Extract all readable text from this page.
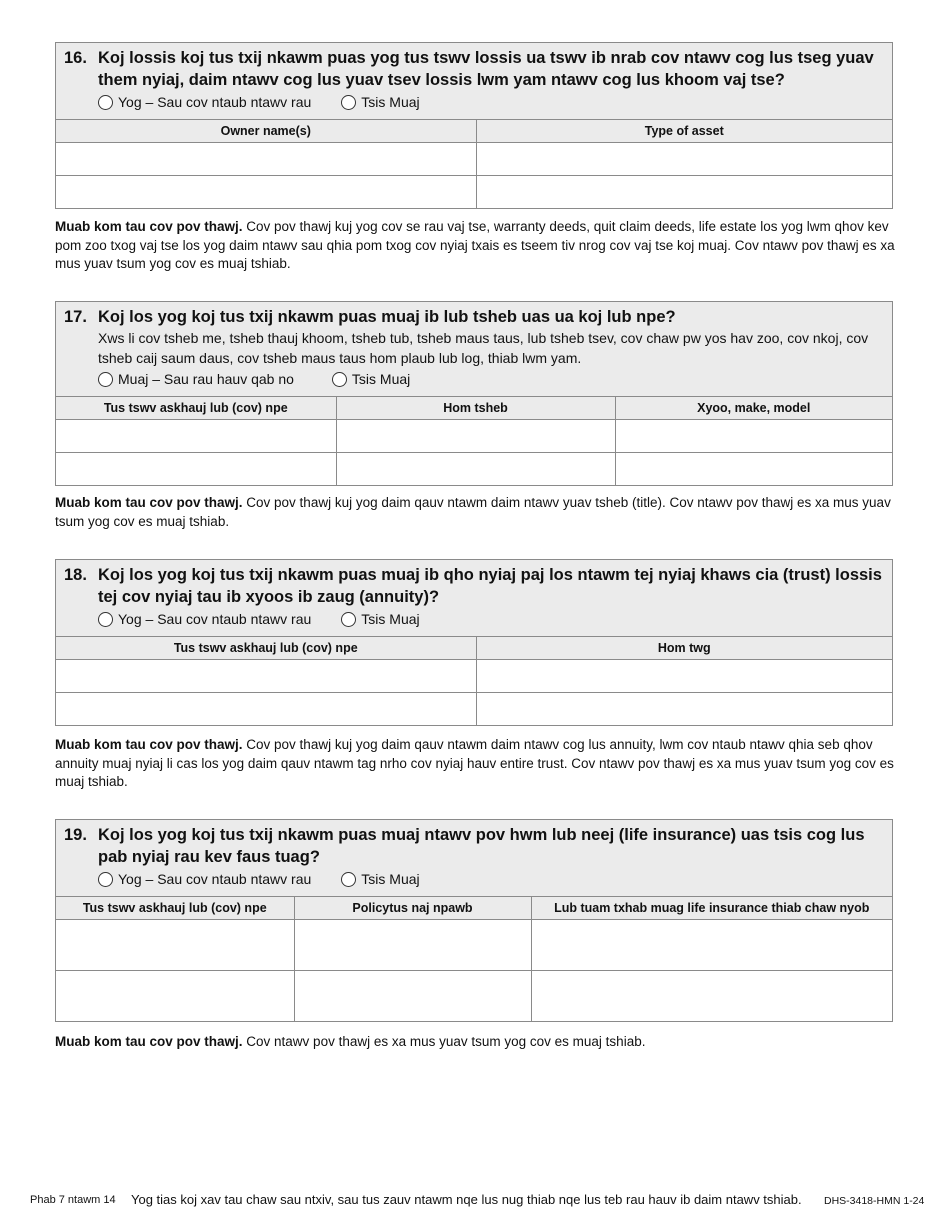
16. Koj lossis koj tus txij nkawm puas yog tus tswv lossis ua tswv ib nrab cov ntawv cog lus tseg yuav them nyiaj, daim ntawv cog lus yuav tsev lossis lwm yam ntawv cog lus khoom vaj tse?
Yog – Sau cov ntaub ntawv rau	Tsis Muaj
Owner name(s)	Type of asset

Muab kom tau cov pov thawj. Cov pov thawj kuj yog cov se rau vaj tse, warranty deeds, quit claim deeds, life estate los yog lwm qhov kev pom zoo txog vaj tse los yog daim ntawv sau qhia pom txog cov nyiaj txais es tseem tiv nrog cov vaj tse koj muaj. Cov ntawv pov thawj es xa mus yuav tsum yog cov es muaj tshiab.
17. Koj los yog koj tus txij nkawm puas muaj ib lub tsheb uas ua koj lub npe?
Xws li cov tsheb me, tsheb thauj khoom, tsheb tub, tsheb maus taus, lub tsheb tsev, cov chaw pw yos hav zoo, cov nkoj, cov tsheb caij saum daus, cov tsheb maus taus hom plaub lub log, thiab lwm yam.
Muaj – Sau rau hauv qab no	Tsis Muaj
Tus tswv askhauj lub (cov) npe	Hom tsheb	Xyoo, make, model

Muab kom tau cov pov thawj. Cov pov thawj kuj yog daim qauv ntawm daim ntawv yuav tsheb (title). Cov ntawv pov thawj es xa mus yuav tsum yog cov es muaj tshiab.
18. Koj los yog koj tus txij nkawm puas muaj ib qho nyiaj paj los ntawm tej nyiaj khaws cia (trust) lossis tej cov nyiaj tau ib xyoos ib zaug (annuity)?
Yog – Sau cov ntaub ntawv rau	Tsis Muaj
Tus tswv askhauj lub (cov) npe	Hom twg

Muab kom tau cov pov thawj. Cov pov thawj kuj yog daim qauv ntawm daim ntawv cog lus annuity, lwm cov ntaub ntawv qhia seb qhov annuity muaj nyiaj li cas los yog daim qauv ntawm tag nrho cov nyiaj hauv entire trust. Cov ntawv pov thawj es xa mus yuav tsum yog cov es muaj tshiab.
19. Koj los yog koj tus txij nkawm puas muaj ntawv pov hwm lub neej (life insurance) uas tsis cog lus pab nyiaj rau kev faus tuag?
Yog – Sau cov ntaub ntawv rau	Tsis Muaj
Tus tswv askhauj lub (cov) npe	Policytus naj npawb	Lub tuam txhab muag life insurance thiab chaw nyob

Muab kom tau cov pov thawj. Cov ntawv pov thawj es xa mus yuav tsum yog cov es muaj tshiab.
Phab 7 ntawm 14 Yog tias koj xav tau chaw sau ntxiv, sau tus zauv ntawm nqe lus nug thiab nqe lus teb rau hauv ib daim ntawv tshiab. DHS-3418-HMN 1-24
